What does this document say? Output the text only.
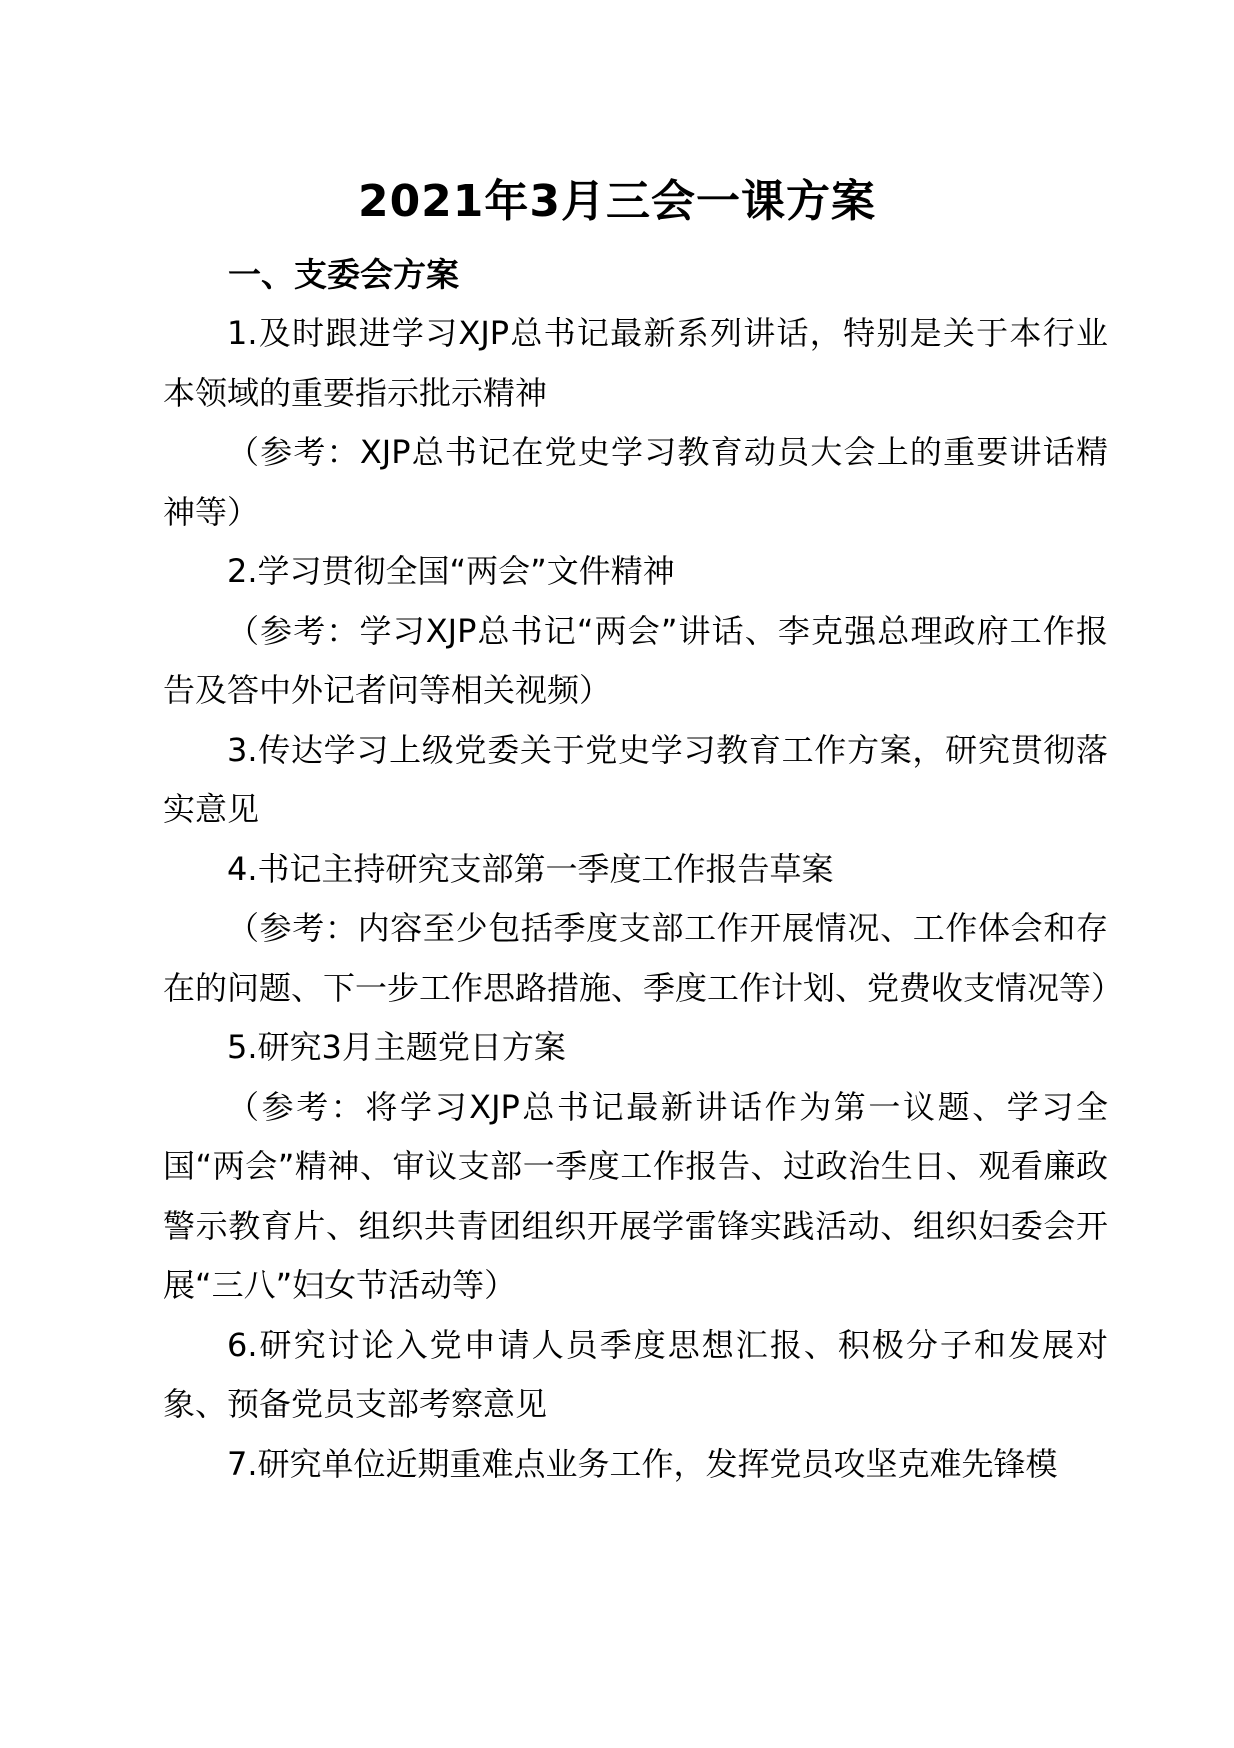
2021年3月三会一课方案
一、支委会方案

1.及时跟进学习XJP总书记最新系列讲话，特别是关于本行业本领域的重要指示批示精神

（参考：XJP总书记在党史学习教育动员大会上的重要讲话精神等）

2.学习贯彻全国“两会”文件精神

（参考：学习XJP总书记“两会”讲话、李克强总理政府工作报告及答中外记者问等相关视频）

3.传达学习上级党委关于党史学习教育工作方案，研究贯彻落实意见

4.书记主持研究支部第一季度工作报告草案

（参考：内容至少包括季度支部工作开展情况、工作体会和存在的问题、下一步工作思路措施、季度工作计划、党费收支情况等）

5.研究3月主题党日方案

（参考：将学习XJP总书记最新讲话作为第一议题、学习全国“两会”精神、审议支部一季度工作报告、过政治生日、观看廉政警示教育片、组织共青团组织开展学雷锋实践活动、组织妇委会开展“三八”妇女节活动等）

6.研究讨论入党申请人员季度思想汇报、积极分子和发展对象、预备党员支部考察意见

7.研究单位近期重难点业务工作，发挥党员攻坚克难先锋模
